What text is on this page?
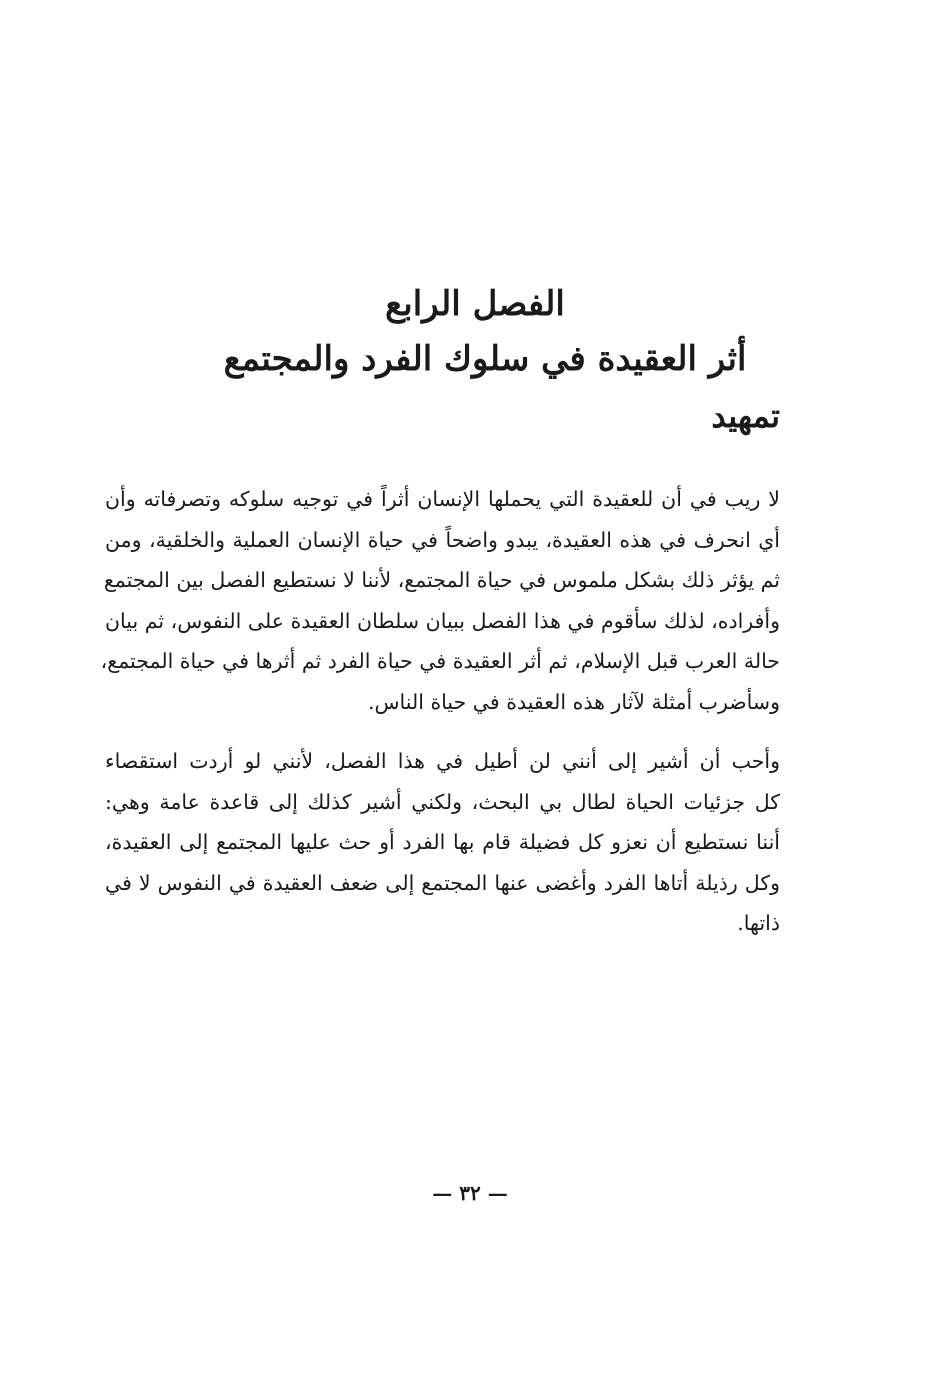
الفصل الرابع
أثر العقيدة في سلوك الفرد والمجتمع
تمهيد
لا ريب في أن للعقيدة التي يحملها الإنسان أثراً في توجيه سلوكه وتصرفاته وأن
أي انحرف في هذه العقيدة، يبدو واضحاً في حياة الإنسان العملية والخلقية، ومن
ثم يؤثر ذلك بشكل ملموس في حياة المجتمع، لأننا لا نستطيع الفصل بين المجتمع
وأفراده، لذلك سأقوم في هذا الفصل ببيان سلطان العقيدة على النفوس، ثم بيان
حالة العرب قبل الإسلام، ثم أثر العقيدة في حياة الفرد ثم أثرها في حياة المجتمع،
وسأضرب أمثلة لآثار هذه العقيدة في حياة الناس.
وأحب أن أشير إلى أنني لن أطيل في هذا الفصل، لأنني لو أردت استقصاء
كل جزئيات الحياة لطال بي البحث، ولكني أشير كذلك إلى قاعدة عامة وهي:
أننا نستطيع أن نعزو كل فضيلة قام بها الفرد أو حث عليها المجتمع إلى العقيدة،
وكل رذيلة أتاها الفرد وأغضى عنها المجتمع إلى ضعف العقيدة في النفوس لا في
ذاتها.
— ٣٢ —
